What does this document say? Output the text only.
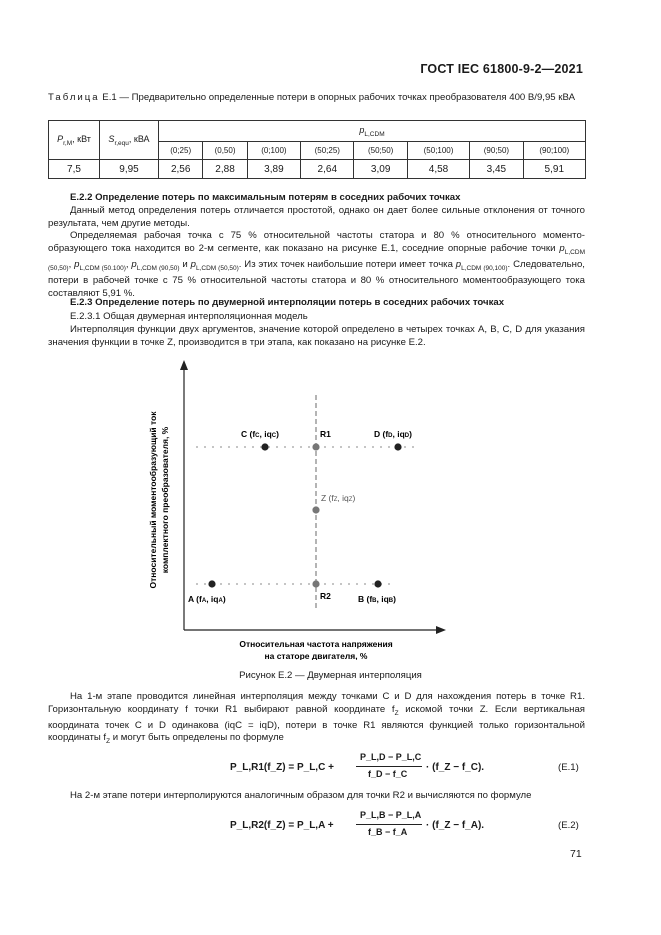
ГОСТ IEC 61800-9-2—2021
Таблица Е.1 — Предварительно определенные потери в опорных рабочих точках преобразователя 400 В/9,95 кВА
$P_{r,M}$, кВт	$S_{r,equ}$, кВА	$p_{L,CDM}$
		(0;25)	(0,50)	(0;100)	(50;25)	(50;50)	(50;100)	(90;50)	(90;100)
7,5	9,95	2,56	2,88	3,89	2,64	3,09	4,58	3,45	5,91
Е.2.2 Определение потерь по максимальным потерям в соседних рабочих точках
Данный метод определения потерь отличается простотой, однако он дает более сильные отклонения от точного результата, чем другие методы.
Определяемая рабочая точка с 75 % относительной частоты статора и 80 % относительного моменто-образующего тока находится во 2-м сегменте, как показано на рисунке Е.1, соседние опорные рабочие точки $p_{L,CDM (50,50)}$, $p_{L,CDM (50.100)}$, $p_{L,CDM (90,50)}$ и $p_{L,CDM (50,50)}$. Из этих точек наибольшие потери имеет точка $p_{L,CDM (90,100)}$. Следовательно, потери в рабочей точке с 75 % относительной частоты статора и 80 % относительного моментообразующего тока составляют 5,91 %.
Е.2.3 Определение потерь по двумерной интерполяции потерь в соседних рабочих точках
Е.2.3.1 Общая двумерная интерполяционная модель
Интерполяция функции двух аргументов, значение которой определено в четырех точках A, B, C, D для указания значения функции в точке Z, производится в три этапа, как показано на рисунке Е.2.
C (fC, iqC)	D (fD, iqD)
R1
Z (fZ, iqZ)
A (fA, iqA)	R2	B (fB, iqB)
Относительный моментообразующий ток комплектного преобразователя, %
Относительная частота напряжения
на статоре двигателя, %
Рисунок Е.2 — Двумерная интерполяция
На 1-м этапе проводится линейная интерполяция между точками C и D для нахождения потерь в точке R1. Горизонтальную координату f точки R1 выбирают равной координате $f_Z$ искомой точки Z. Если вертикальная координата точек C и D одинакова (iqC = iqD), потери в точке R1 являются функцией только горизонтальной координаты $f_Z$ и могут быть определены по формуле
P_L,R1(f_Z) = P_L,C +
P_L,D − P_L,C
f_D − f_C
· (f_Z − f_C).	(E.1)
На 2-м этапе потери интерполируются аналогичным образом для точки R2 и вычисляются по формуле
P_L,R2(f_Z) = P_L,A +
P_L,B − P_L,A
f_B − f_A
· (f_Z − f_A).	(E.2)
71
